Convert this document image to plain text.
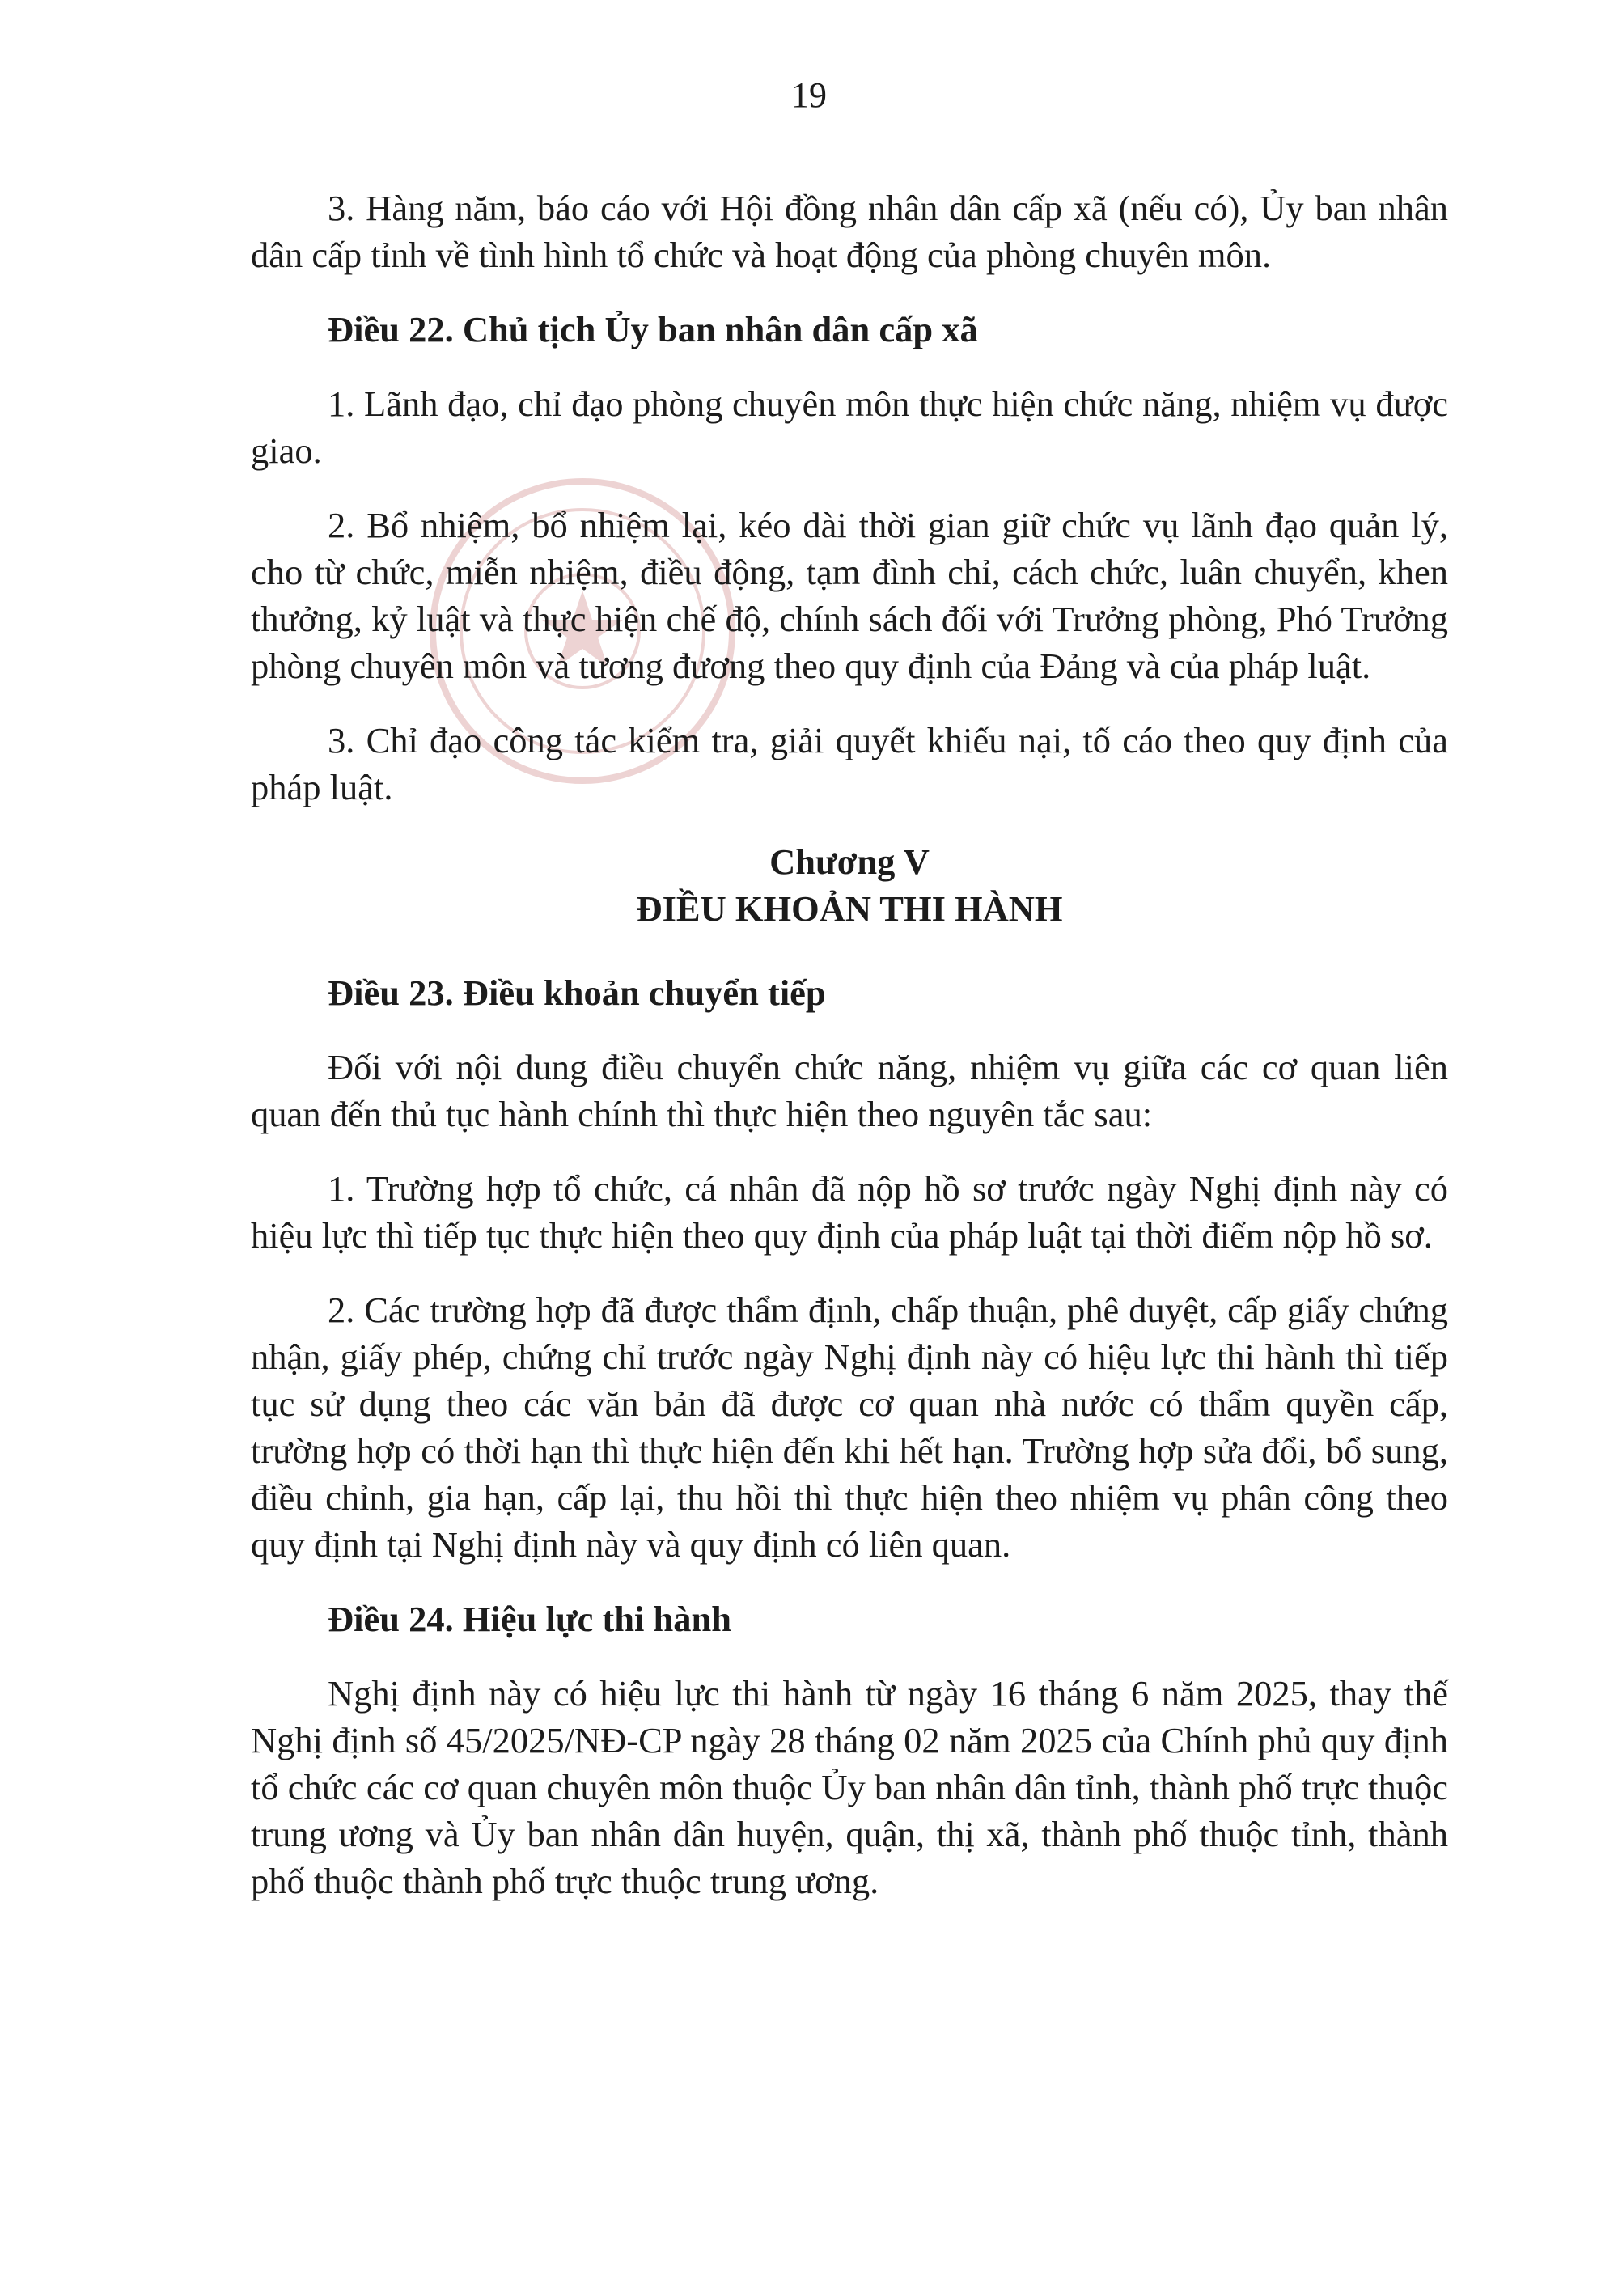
19

3. Hàng năm, báo cáo với Hội đồng nhân dân cấp xã (nếu có), Ủy ban nhân dân cấp tỉnh về tình hình tổ chức và hoạt động của phòng chuyên môn.

Điều 22. Chủ tịch Ủy ban nhân dân cấp xã

1. Lãnh đạo, chỉ đạo phòng chuyên môn thực hiện chức năng, nhiệm vụ được giao.

2. Bổ nhiệm, bổ nhiệm lại, kéo dài thời gian giữ chức vụ lãnh đạo quản lý, cho từ chức, miễn nhiệm, điều động, tạm đình chỉ, cách chức, luân chuyển, khen thưởng, kỷ luật và thực hiện chế độ, chính sách đối với Trưởng phòng, Phó Trưởng phòng chuyên môn và tương đương theo quy định của Đảng và của pháp luật.

3. Chỉ đạo công tác kiểm tra, giải quyết khiếu nại, tố cáo theo quy định của pháp luật.

Chương V
ĐIỀU KHOẢN THI HÀNH

Điều 23. Điều khoản chuyển tiếp

Đối với nội dung điều chuyển chức năng, nhiệm vụ giữa các cơ quan liên quan đến thủ tục hành chính thì thực hiện theo nguyên tắc sau:

1. Trường hợp tổ chức, cá nhân đã nộp hồ sơ trước ngày Nghị định này có hiệu lực thì tiếp tục thực hiện theo quy định của pháp luật tại thời điểm nộp hồ sơ.

2. Các trường hợp đã được thẩm định, chấp thuận, phê duyệt, cấp giấy chứng nhận, giấy phép, chứng chỉ trước ngày Nghị định này có hiệu lực thi hành thì tiếp tục sử dụng theo các văn bản đã được cơ quan nhà nước có thẩm quyền cấp, trường hợp có thời hạn thì thực hiện đến khi hết hạn. Trường hợp sửa đổi, bổ sung, điều chỉnh, gia hạn, cấp lại, thu hồi thì thực hiện theo nhiệm vụ phân công theo quy định tại Nghị định này và quy định có liên quan.

Điều 24. Hiệu lực thi hành

Nghị định này có hiệu lực thi hành từ ngày 16 tháng 6 năm 2025, thay thế Nghị định số 45/2025/NĐ-CP ngày 28 tháng 02 năm 2025 của Chính phủ quy định tổ chức các cơ quan chuyên môn thuộc Ủy ban nhân dân tỉnh, thành phố trực thuộc trung ương và Ủy ban nhân dân huyện, quận, thị xã, thành phố thuộc tỉnh, thành phố thuộc thành phố trực thuộc trung ương.
